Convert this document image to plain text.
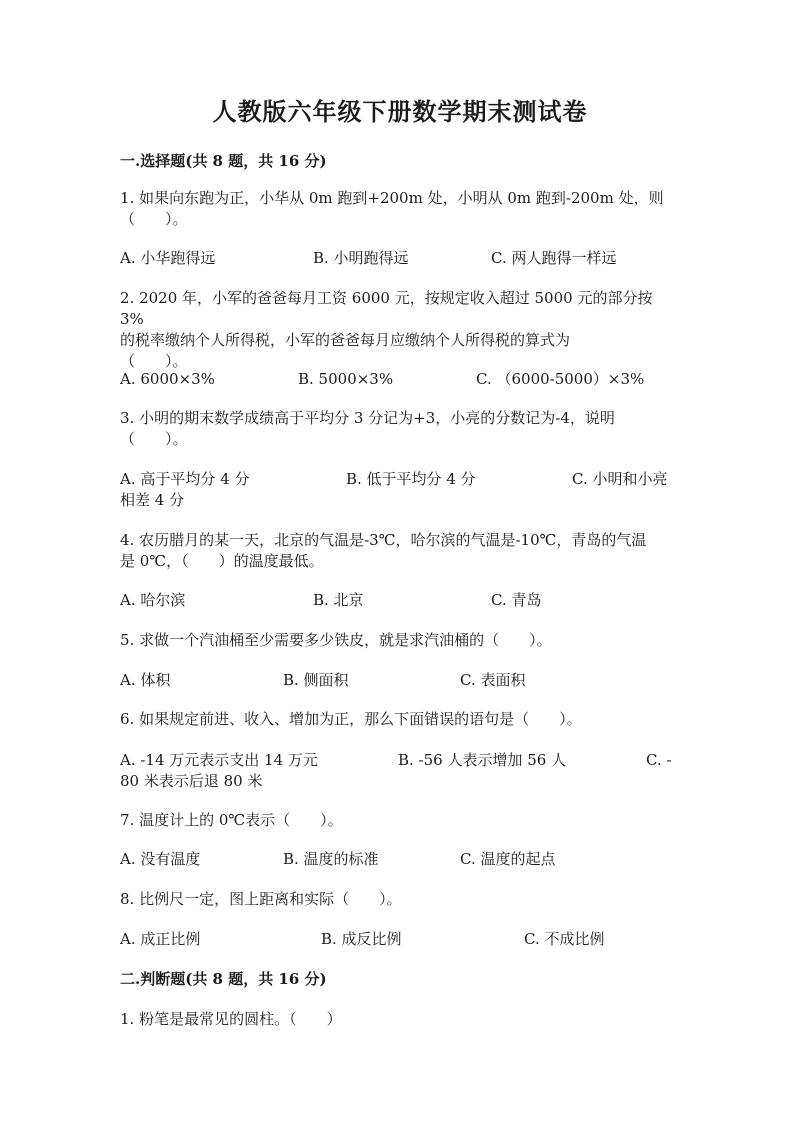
人教版六年级下册数学期末测试卷
一.选择题(共 8 题，共 16 分)
1. 如果向东跑为正，小华从 0m 跑到+200m 处，小明从 0m 跑到-200m 处，则
（　　）。
A. 小华跑得远	B. 小明跑得远	C. 两人跑得一样远
2. 2020 年，小军的爸爸每月工资 6000 元，按规定收入超过 5000 元的部分按 3%
的税率缴纳个人所得税，小军的爸爸每月应缴纳个人所得税的算式为
（　　）。
A. 6000×3%	B. 5000×3%	C. （6000-5000）×3%
3. 小明的期末数学成绩高于平均分 3 分记为+3，小亮的分数记为-4，说明
（　　）。
A. 高于平均分 4 分	B. 低于平均分 4 分	C. 小明和小亮
相差 4 分
4. 农历腊月的某一天，北京的气温是-3℃，哈尔滨的气温是-10℃，青岛的气温
是 0℃，（　　）的温度最低。
A. 哈尔滨	B. 北京	C. 青岛
5. 求做一个汽油桶至少需要多少铁皮，就是求汽油桶的（　　）。
A. 体积	B. 侧面积	C. 表面积
6. 如果规定前进、收入、增加为正，那么下面错误的语句是（　　）。
A. -14 万元表示支出 14 万元	B. -56 人表示增加 56 人	C. -
80 米表示后退 80 米
7. 温度计上的 0℃表示（　　）。
A. 没有温度	B. 温度的标准	C. 温度的起点
8. 比例尺一定，图上距离和实际（　　）。
A. 成正比例	B. 成反比例	C. 不成比例
二.判断题(共 8 题，共 16 分)
1. 粉笔是最常见的圆柱。（　　）
